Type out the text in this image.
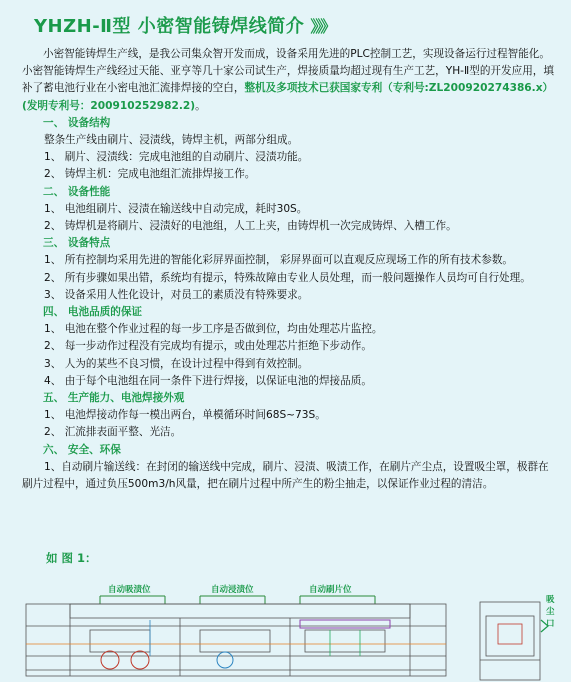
YHZH-Ⅱ型 小密智能铸焊线简介 》》》
小密智能铸焊生产线，是我公司集众智开发而成，设备采用先进的PLC控制工艺，实现设备运行过程智能化。小密智能铸焊生产线经过天能、亚亨等几十家公司试生产，焊接质量均超过现有生产工艺，YH-Ⅱ型的开发应用，填补了蓄电池行业在小密电池汇流排焊接的空白，整机及多项技术已获国家专利（专利号:ZL200920274386.x）(发明专利号：200910252982.2)。
一、 设备结构
整条生产线由刷片、浸渍线，铸焊主机，两部分组成。
1、 刷片、浸渍线：完成电池组的自动刷片、浸渍功能。
2、 铸焊主机：完成电池组汇流排焊接工作。
二、 设备性能
1、 电池组刷片、浸渍在输送线中自动完成，耗时30S。
2、 铸焊机是将刷片、浸渍好的电池组，人工上夹，由铸焊机一次完成铸焊、入槽工作。
三、 设备特点
1、 所有控制均采用先进的智能化彩屏界面控制， 彩屏界面可以直观反应现场工作的所有技术参数。
2、 所有步骤如果出错，系统均有提示，特殊故障由专业人员处理，而一般问题操作人员均可自行处理。
3、 设备采用人性化设计，对员工的素质没有特殊要求。
四、 电池品质的保证
1、 电池在整个作业过程的每一步工序是否做到位，均由处理芯片监控。
2、 每一步动作过程没有完成均有提示，或由处理芯片拒绝下步动作。
3、 人为的某些不良习惯，在设计过程中得到有效控制。
4、 由于每个电池组在同一条件下进行焊接，以保证电池的焊接品质。
五、 生产能力、电池焊接外观
1、 电池焊接动作每一模出两台，单模循环时间68S~73S。
2、 汇流排表面平整、光洁。
六、 安全、环保
1、自动刷片输送线：在封闭的输送线中完成，刷片、浸渍、吸渍工作，在刷片产尘点，设置吸尘罩，极群在刷片过程中，通过负压500m3/h风量，把在刷片过程中所产生的粉尘抽走，以保证作业过程的清洁。
如 图 1：
自动吸渍位	自动浸渍位	自动刷片位
吸
尘
口
